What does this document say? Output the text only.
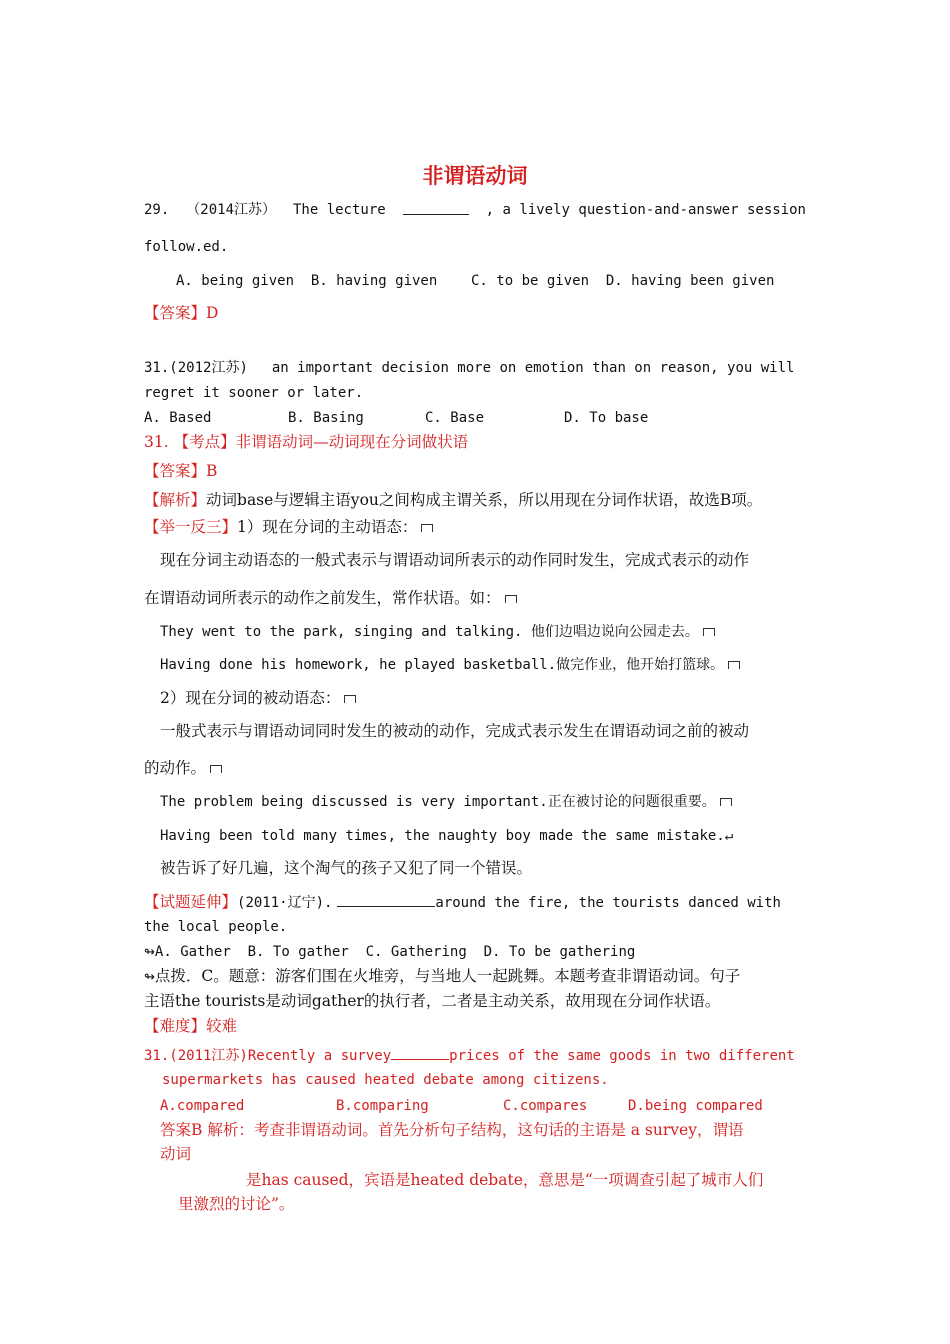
非谓语动词
29. （2014江苏） The lecture	, a lively question-and-answer session
follow.ed.
A. being given  B. having given    C. to be given  D. having been given
【答案】D
31.(2012江苏) an important decision more on emotion than on reason, you will
regret it sooner or later.
A. Based	B. Basing	C. Base	D. To base
31. 【考点】非谓语动词—动词现在分词做状语
【答案】B
【解析】动词base与逻辑主语you之间构成主谓关系，所以用现在分词作状语，故选B项。
【举一反三】1）现在分词的主动语态：
现在分词主动语态的一般式表示与谓语动词所表示的动作同时发生，完成式表示的动作
在谓语动词所表示的动作之前发生，常作状语。如：
They went to the park, singing and talking. 他们边唱边说向公园走去。
Having done his homework, he played basketball.做完作业，他开始打篮球。
2）现在分词的被动语态：
一般式表示与谓语动词同时发生的被动的动作，完成式表示发生在谓语动词之前的被动
的动作。
The problem being discussed is very important.正在被讨论的问题很重要。
Having been told many times, the naughty boy made the same mistake.↵
被告诉了好几遍，这个淘气的孩子又犯了同一个错误。
【试题延伸】(2011·辽宁).	around the fire, the tourists danced with
the local people.
↬A. Gather  B. To gather  C. Gathering  D. To be gathering
↬点拨．C。题意：游客们围在火堆旁，与当地人一起跳舞。本题考查非谓语动词。句子
主语the tourists是动词gather的执行者，二者是主动关系，故用现在分词作状语。
【难度】较难
31.(2011江苏)Recently a survey	prices of the same goods in two different
supermarkets has caused heated debate among citizens.
A.compared	B.comparing	C.compares	D.being compared
答案B 解析：考查非谓语动词。首先分析句子结构，这句话的主语是 a survey，谓语
动词
是has caused，宾语是heated debate，意思是“一项调查引起了城市人们
里激烈的讨论”。
